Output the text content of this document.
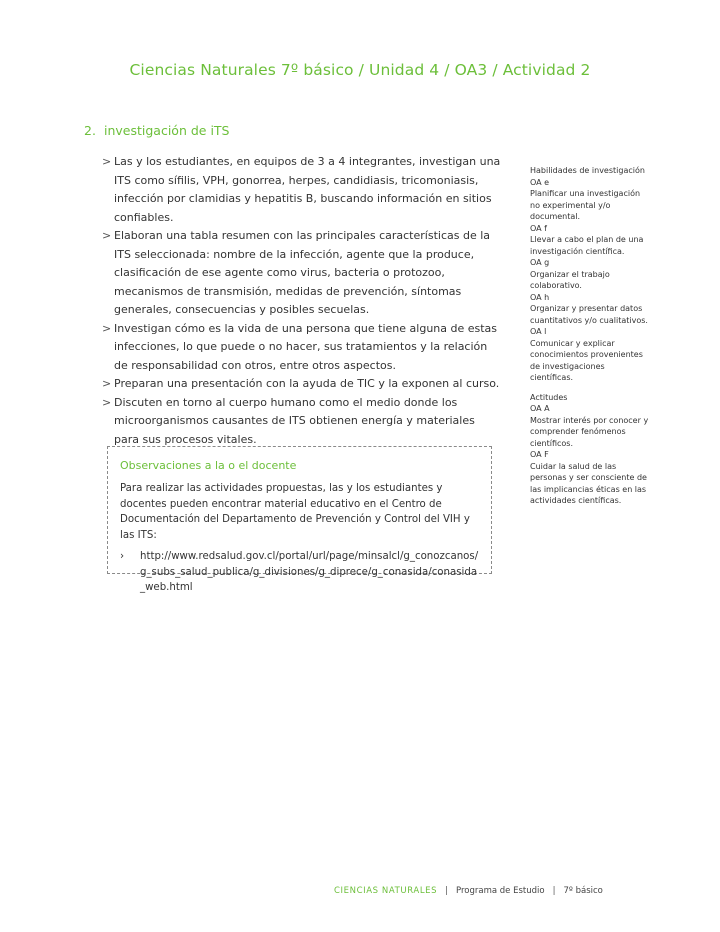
Ciencias Naturales 7º básico / Unidad 4 / OA3 / Actividad 2
2. investigación de iTS
> Las y los estudiantes, en equipos de 3 a 4 integrantes, investigan una ITS como sífilis, VPH, gonorrea, herpes, candidiasis, tricomoniasis, infección por clamidias y hepatitis B, buscando información en sitios confiables.
> Elaboran una tabla resumen con las principales características de la ITS seleccionada: nombre de la infección, agente que la produce, clasificación de ese agente como virus, bacteria o protozoo, mecanismos de transmisión, medidas de prevención, síntomas generales, consecuencias y posibles secuelas.
> Investigan cómo es la vida de una persona que tiene alguna de estas infecciones, lo que puede o no hacer, sus tratamientos y la relación de responsabilidad con otros, entre otros aspectos.
> Preparan una presentación con la ayuda de TIC y la exponen al curso.
> Discuten en torno al cuerpo humano como el medio donde los microorganismos causantes de ITS obtienen energía y materiales para sus procesos vitales.
Observaciones a la o el docente
Para realizar las actividades propuestas, las y los estudiantes y docentes pueden encontrar material educativo en el Centro de Documentación del Departamento de Prevención y Control del VIH y las ITS:
› http://www.redsalud.gov.cl/portal/url/page/minsalcl/g_conozcanos/g_subs_salud_publica/g_divisiones/g_diprece/g_conasida/conasida_web.html
Habilidades de investigación
OA e
Planificar una investigación no experimental y/o documental.
OA f
Llevar a cabo el plan de una investigación científica.
OA g
Organizar el trabajo colaborativo.
OA h
Organizar y presentar datos cuantitativos y/o cualitativos.
OA l
Comunicar y explicar conocimientos provenientes de investigaciones científicas.
Actitudes
OA A
Mostrar interés por conocer y comprender fenómenos científicos.
OA F
Cuidar la salud de las personas y ser consciente de las implicancias éticas en las actividades científicas.
CIENCIAS NATURALES | Programa de Estudio | 7º básico
